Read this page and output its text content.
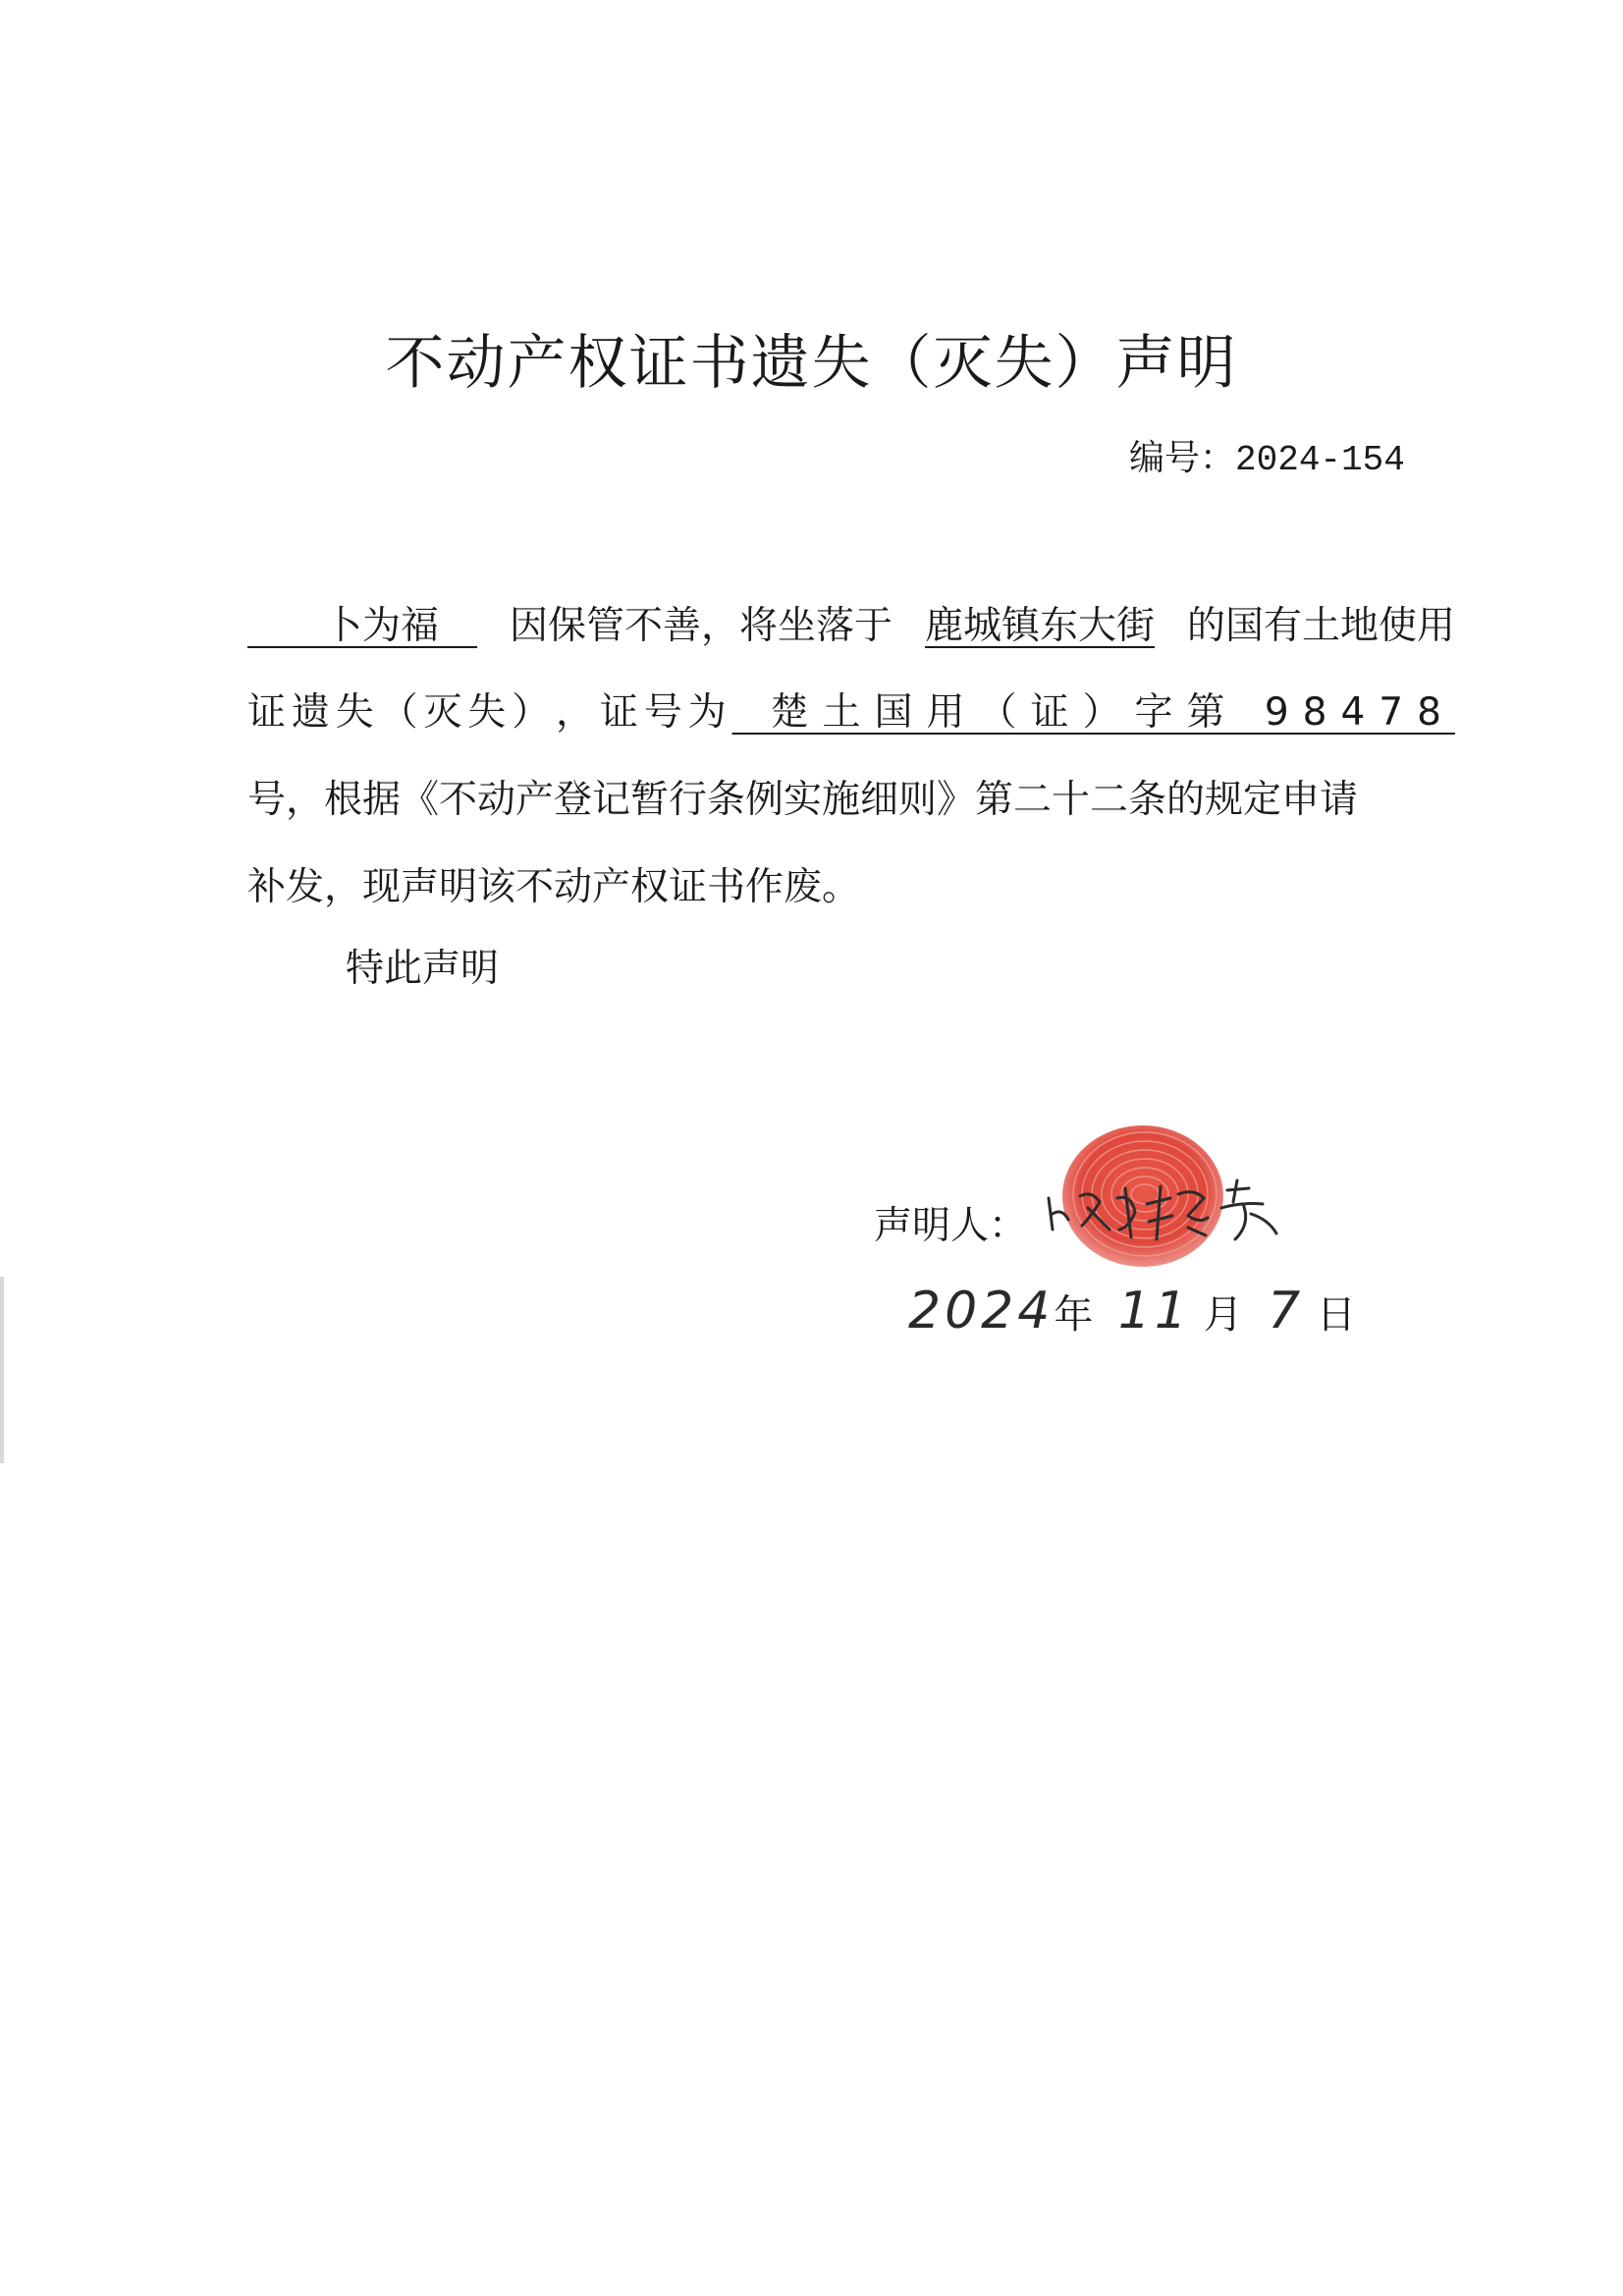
不动产权证书遗失（灭失）声明
编号：2024-154
　　卜为福　	因保管不善，将坐落于 鹿城镇东大街 的国有土地使用
证 遗 失 （ 灭 失 ） ， 证 号 为
　	楚土国用（证）字第 98478
号，根据《不动产登记暂行条例实施细则》第二十二条的规定申请
补发，现声明该不动产权证书作废。
特此声明
声明人：
2024年 11 月 7 日
